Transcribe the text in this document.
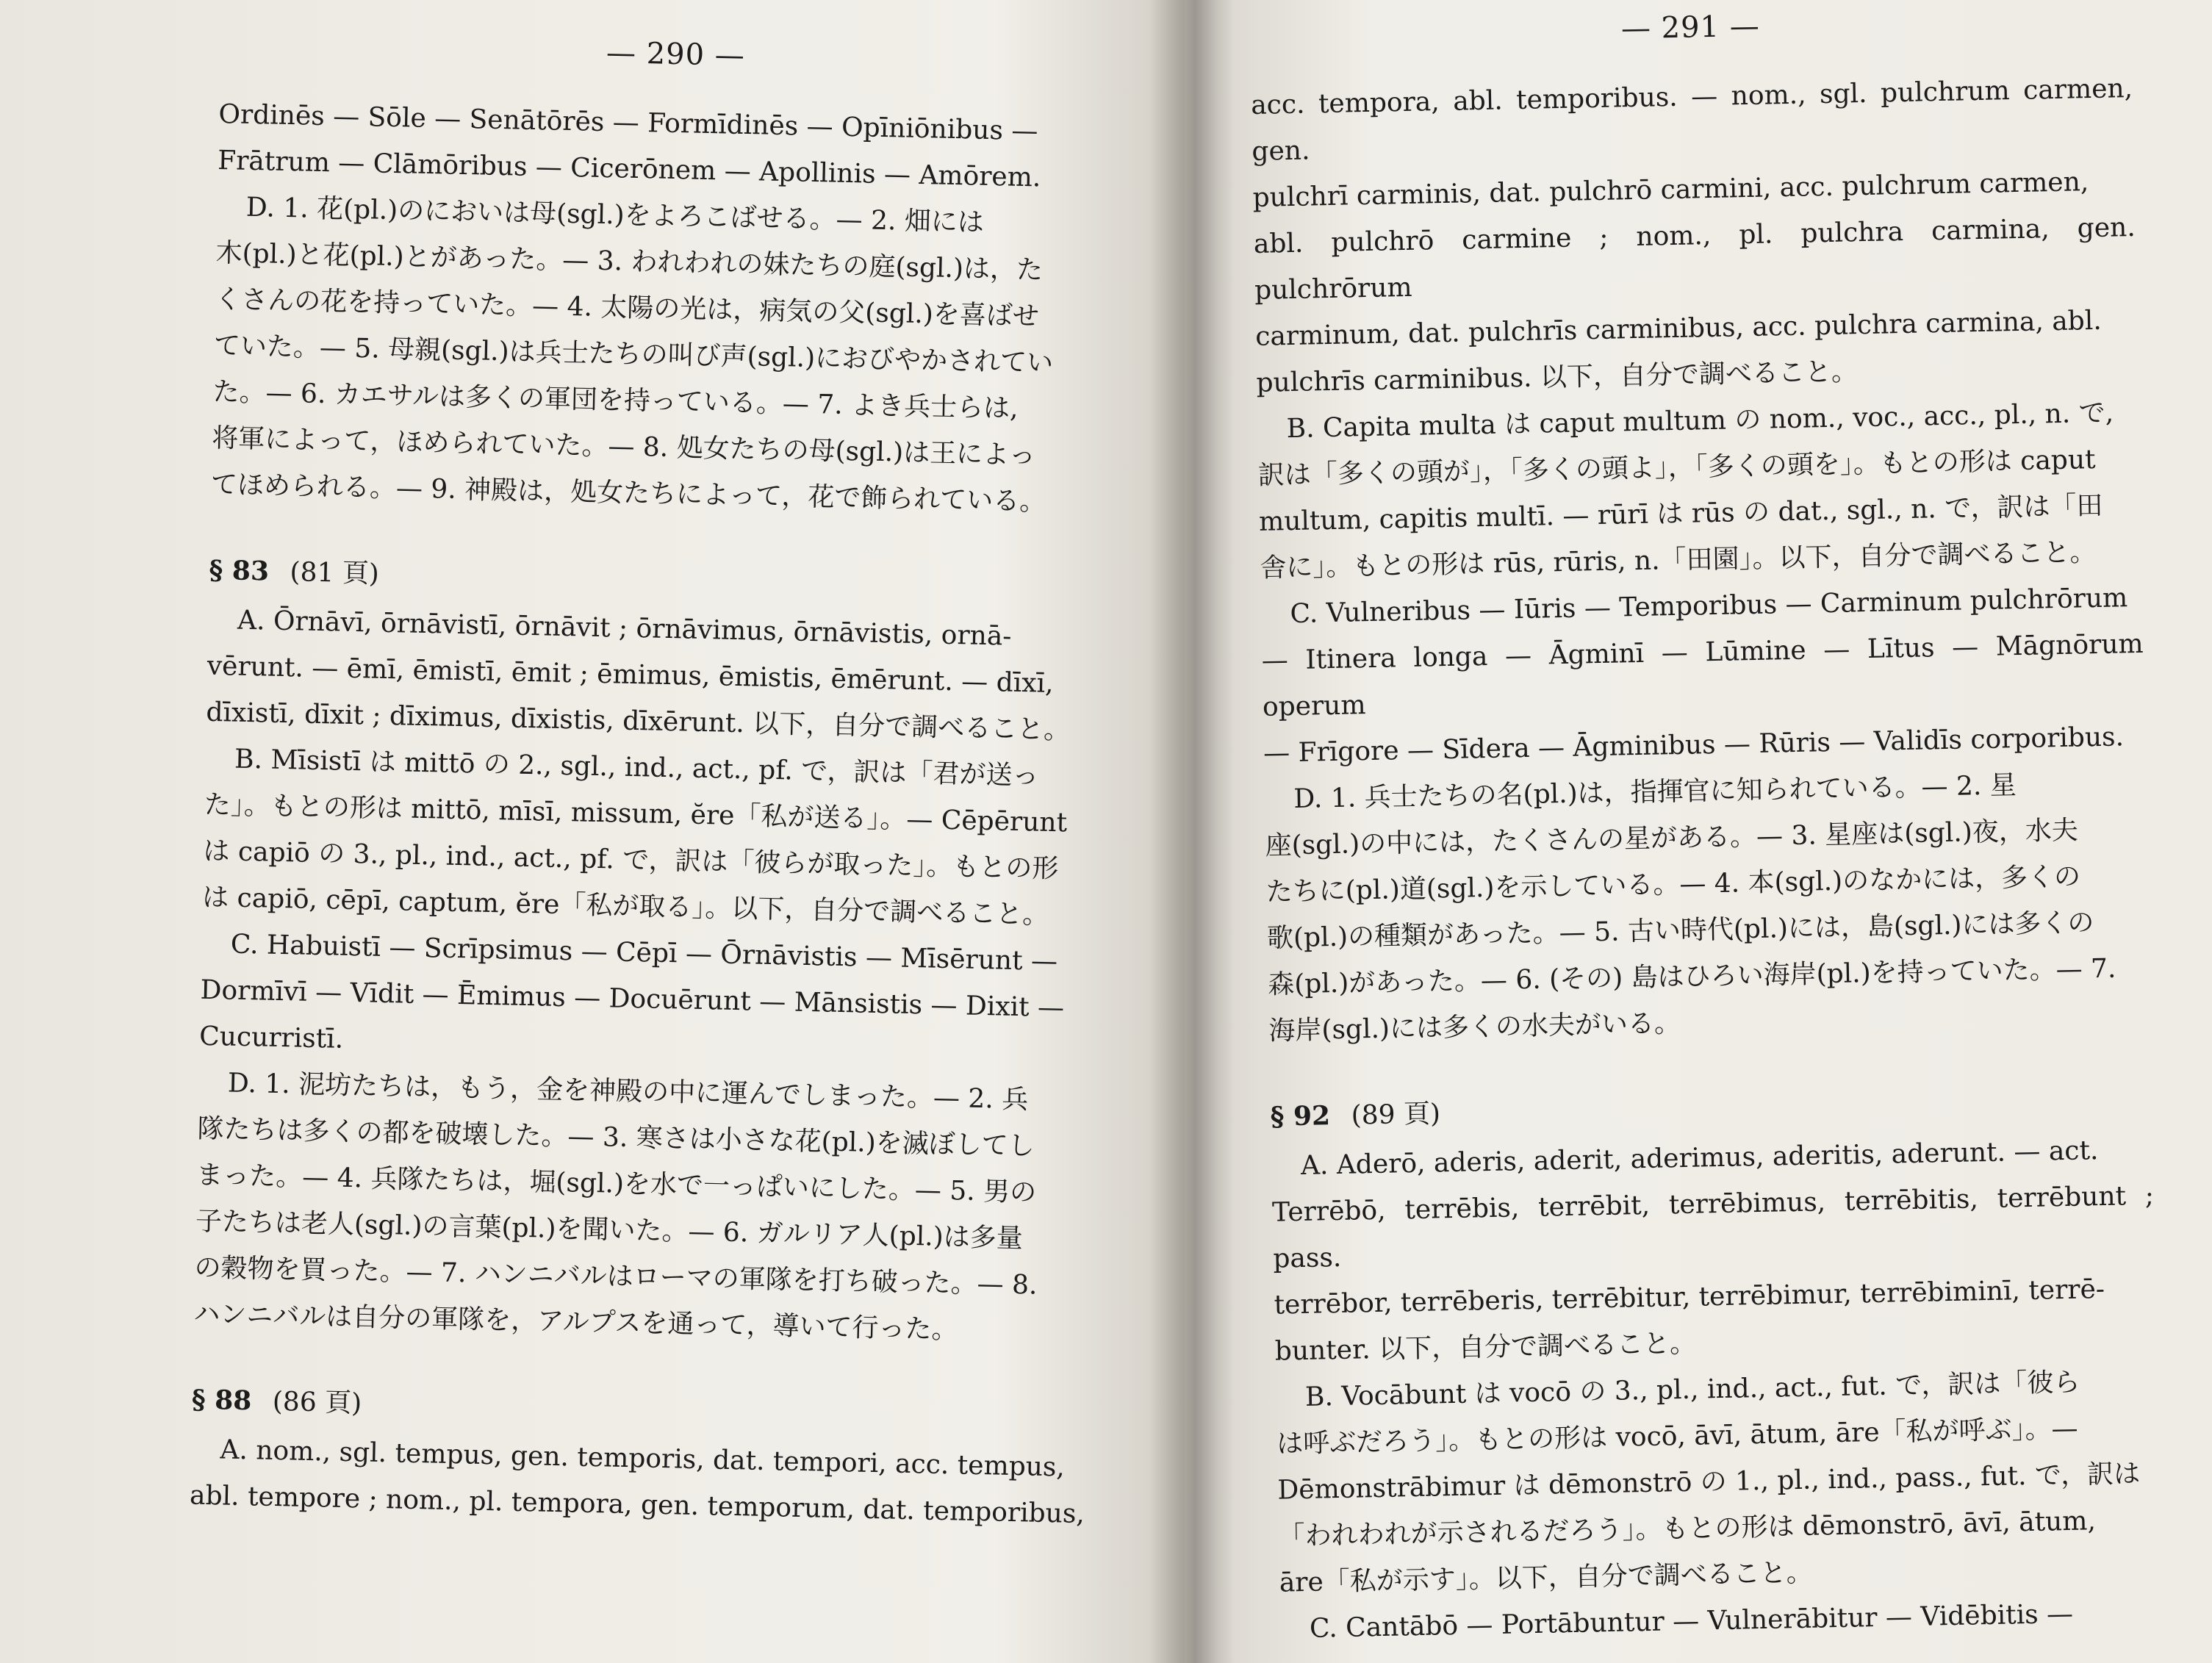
— 290 —

Ordinēs — Sōle — Senātōrēs — Formīdinēs — Opīniōnibus —

Frātrum — Clāmōribus — Cicerōnem — Apollinis — Amōrem.

D. 1. 花(pl.)のにおいは母(sgl.)をよろこばせる。— 2. 畑には

木(pl.)と花(pl.)とがあった。— 3. われわれの妹たちの庭(sgl.)は，た

くさんの花を持っていた。— 4. 太陽の光は，病気の父(sgl.)を喜ばせ

ていた。— 5. 母親(sgl.)は兵士たちの叫び声(sgl.)におびやかされてい

た。— 6. カエサルは多くの軍団を持っている。— 7. よき兵士らは,

将軍によって，ほめられていた。— 8. 処女たちの母(sgl.)は王によっ

てほめられる。— 9. 神殿は，処女たちによって，花で飾られている。

§ 83 (81 頁)

A. Ōrnāvī, ōrnāvistī, ōrnāvit ; ōrnāvimus, ōrnāvistis, ornā-

vērunt. — ēmī, ēmistī, ēmit ; ēmimus, ēmistis, ēmērunt. — dīxī,

dīxistī, dīxit ; dīximus, dīxistis, dīxērunt. 以下，自分で調べること。

B. Mīsistī は mittō の 2., sgl., ind., act., pf. で，訳は「君が送っ

た」。もとの形は mittō, mīsī, missum, ĕre「私が送る」。— Cēpērunt

は capiō の 3., pl., ind., act., pf. で，訳は「彼らが取った」。もとの形

は capiō, cēpī, captum, ĕre「私が取る」。以下，自分で調べること。

C. Habuistī — Scrīpsimus — Cēpī — Ōrnāvistis — Mīsērunt —

Dormīvī — Vīdit — Ēmimus — Docuērunt — Mānsistis — Dixit —

Cucurristī.

D. 1. 泥坊たちは，もう，金を神殿の中に運んでしまった。— 2. 兵

隊たちは多くの都を破壊した。— 3. 寒さは小さな花(pl.)を滅ぼしてし

まった。— 4. 兵隊たちは，堀(sgl.)を水で一っぱいにした。— 5. 男の

子たちは老人(sgl.)の言葉(pl.)を聞いた。— 6. ガルリア人(pl.)は多量

の穀物を買った。— 7. ハンニバルはローマの軍隊を打ち破った。— 8.

ハンニバルは自分の軍隊を，アルプスを通って，導いて行った。

§ 88 (86 頁)

A. nom., sgl. tempus, gen. temporis, dat. tempori, acc. tempus,

abl. tempore ; nom., pl. tempora, gen. temporum, dat. temporibus,

— 291 —

acc. tempora, abl. temporibus. — nom., sgl. pulchrum carmen, gen.

pulchrī carminis, dat. pulchrō carmini, acc. pulchrum carmen,

abl. pulchrō carmine ; nom., pl. pulchra carmina, gen. pulchrōrum

carminum, dat. pulchrīs carminibus, acc. pulchra carmina, abl.

pulchrīs carminibus. 以下，自分で調べること。

B. Capita multa は caput multum の nom., voc., acc., pl., n. で,

訳は「多くの頭が」，「多くの頭よ」，「多くの頭を」。もとの形は caput

multum, capitis multī. — rūrī は rūs の dat., sgl., n. で，訳は「田

舎に」。もとの形は rūs, rūris, n.「田園」。以下，自分で調べること。

C. Vulneribus — Iūris — Temporibus — Carminum pulchrōrum

— Itinera longa — Āgminī — Lūmine — Lītus — Māgnōrum operum

— Frīgore — Sīdera — Āgminibus — Rūris — Validīs corporibus.

D. 1. 兵士たちの名(pl.)は，指揮官に知られている。— 2. 星

座(sgl.)の中には，たくさんの星がある。— 3. 星座は(sgl.)夜，水夫

たちに(pl.)道(sgl.)を示している。— 4. 本(sgl.)のなかには，多くの

歌(pl.)の種類があった。— 5. 古い時代(pl.)には，島(sgl.)には多くの

森(pl.)があった。— 6. (その) 島はひろい海岸(pl.)を持っていた。— 7.

海岸(sgl.)には多くの水夫がいる。

§ 92 (89 頁)

A. Aderō, aderis, aderit, aderimus, aderitis, aderunt. — act.

Terrēbō, terrēbis, terrēbit, terrēbimus, terrēbitis, terrēbunt ; pass.

terrēbor, terrēberis, terrēbitur, terrēbimur, terrēbiminī, terrē-

bunter. 以下，自分で調べること。

B. Vocābunt は vocō の 3., pl., ind., act., fut. で，訳は「彼ら

は呼ぶだろう」。もとの形は vocō, āvī, ātum, āre「私が呼ぶ」。—

Dēmonstrābimur は dēmonstrō の 1., pl., ind., pass., fut. で，訳は

「われわれが示されるだろう」。もとの形は dēmonstrō, āvī, ātum,

āre「私が示す」。以下，自分で調べること。

C. Cantābō — Portābuntur — Vulnerābitur — Vidēbitis —
